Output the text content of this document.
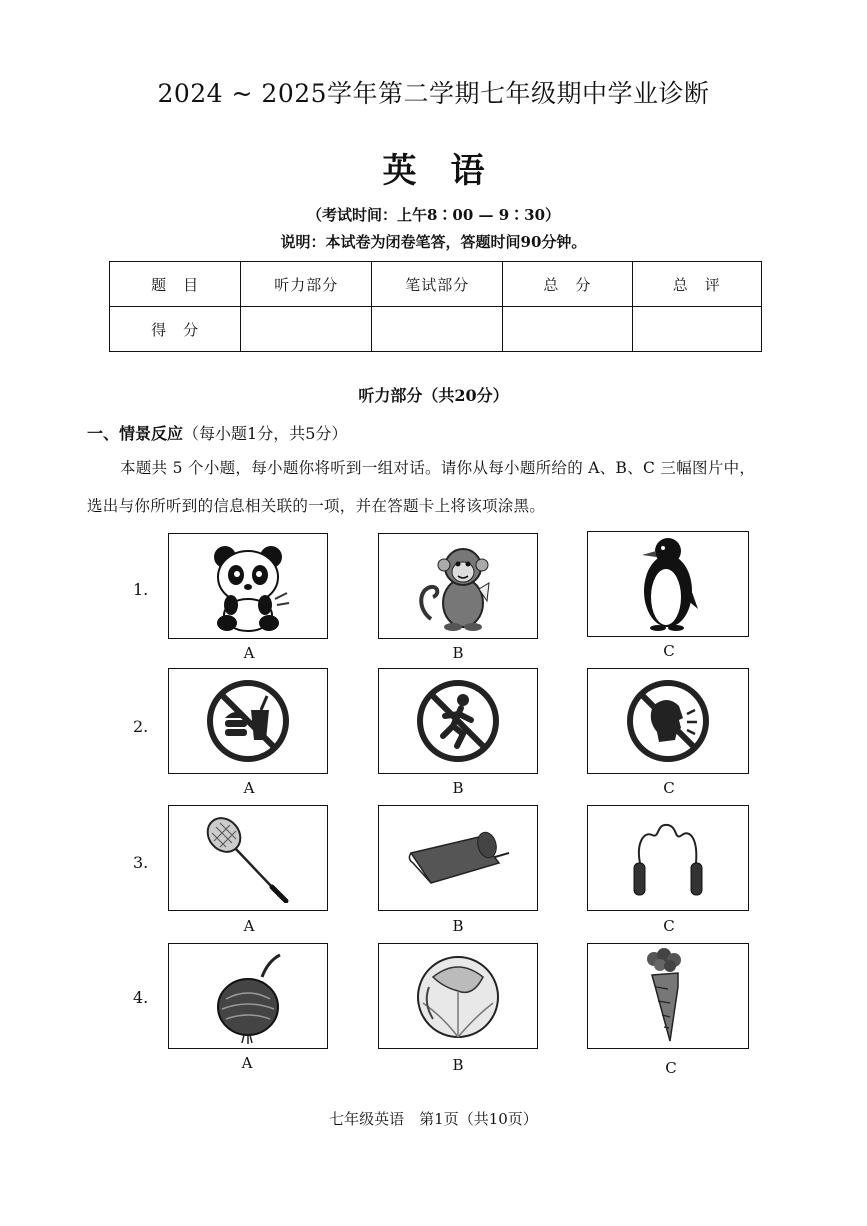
2024 ~ 2025学年第二学期七年级期中学业诊断
英语
（考试时间：上午8∶00 — 9∶30）
说明：本试卷为闭卷笔答，答题时间90分钟。
题　目	听力部分	笔试部分	总　分	总　评
得　分				
听力部分（共20分）
一、情景反应（每小题1分，共5分）
本题共 5 个小题，每小题你将听到一组对话。请你从每小题所给的 A、B、C 三幅图片中，
选出与你所听到的信息相关联的一项，并在答题卡上将该项涂黑。
1.
A	B	C
2.
A	B	C
3.
A	B	C
4.
A	B	C
七年级英语　第1页（共10页）
